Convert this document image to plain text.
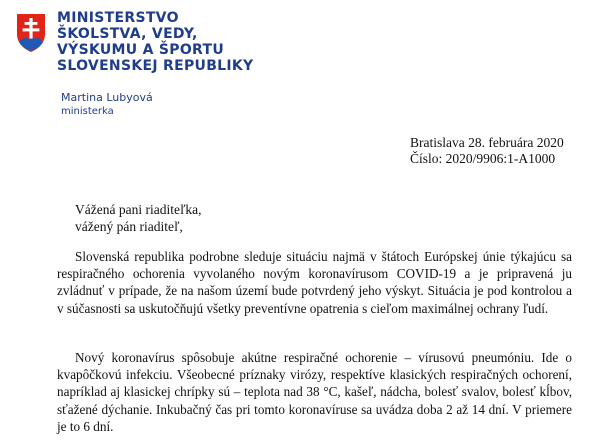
MINISTERSTVO
ŠKOLSTVA, VEDY,
VÝSKUMU A ŠPORTU
SLOVENSKEJ REPUBLIKY
Martina Lubyová
ministerka
Bratislava 28. februára 2020
Číslo: 2020/9906:1-A1000
Vážená pani riaditeľka,
vážený pán riaditeľ,

Slovenská republika podrobne sleduje situáciu najmä v štátoch Európskej únie týkajúcu sa respiračného ochorenia vyvolaného novým koronavírusom COVID-19 a je pripravená ju zvládnuť v prípade, že na našom území bude potvrdený jeho výskyt. Situácia je pod kontrolou a v súčasnosti sa uskutočňujú všetky preventívne opatrenia s cieľom maximálnej ochrany ľudí.

Nový koronavírus spôsobuje akútne respiračné ochorenie – vírusovú pneumóniu. Ide o kvapôčkovú infekciu. Všeobecné príznaky virózy, respektíve klasických respiračných ochorení, napríklad aj klasickej chrípky sú – teplota nad 38 °C, kašeľ, nádcha, bolesť svalov, bolesť kĺbov, sťažené dýchanie. Inkubačný čas pri tomto koronavíruse sa uvádza doba 2 až 14 dní. V priemere je to 6 dní.
